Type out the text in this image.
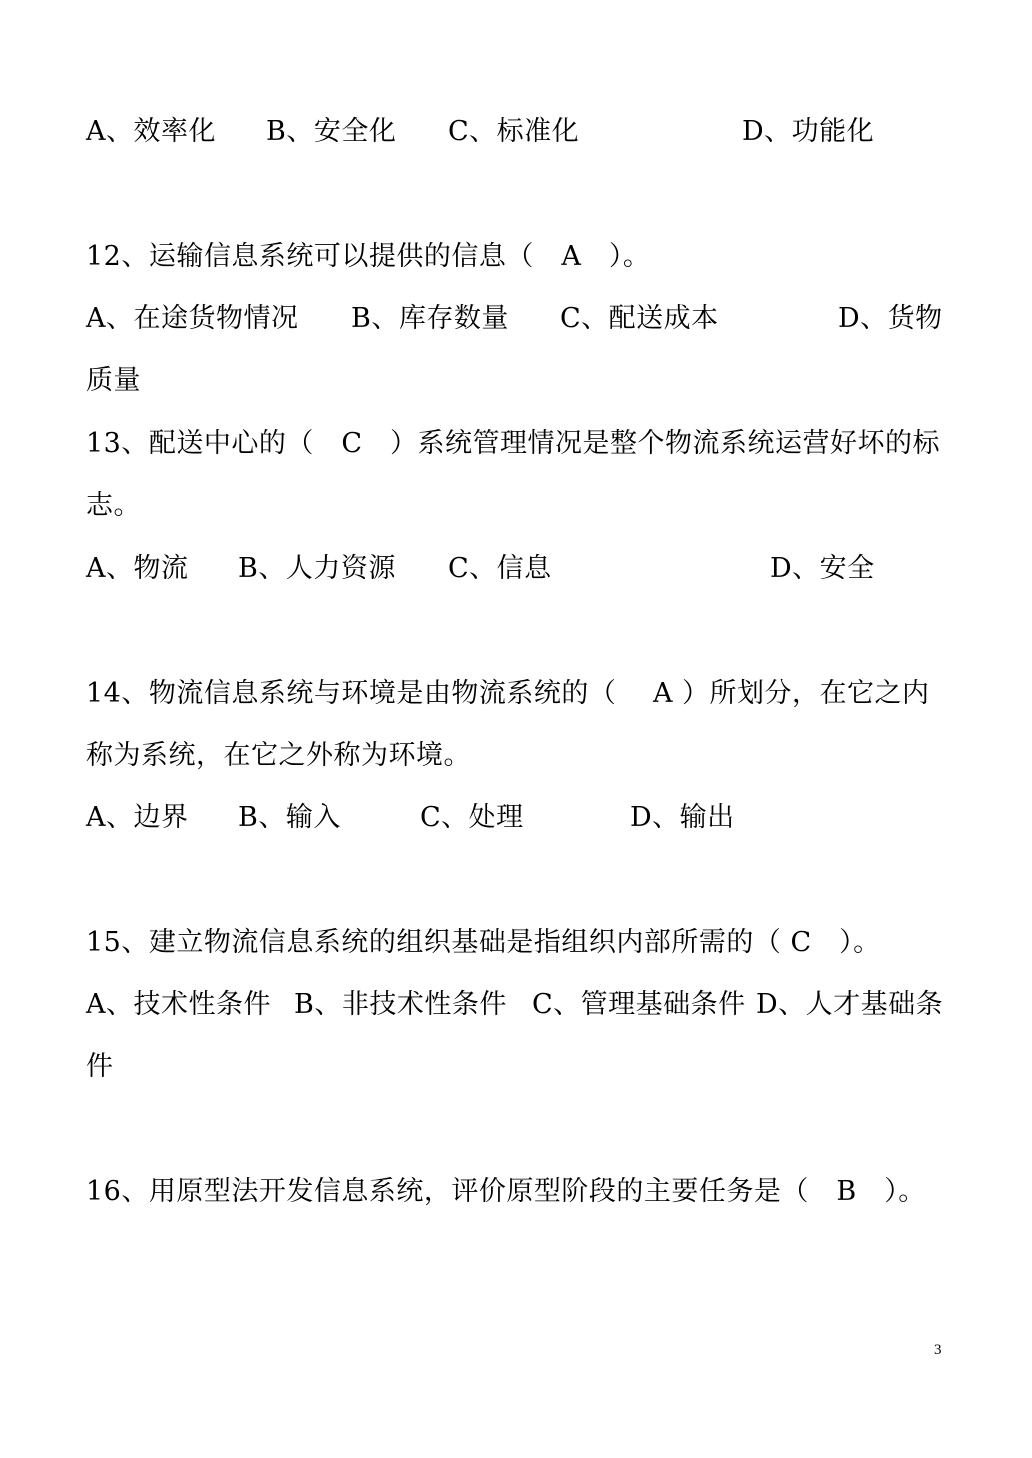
A、效率化 B、安全化 C、标准化	D、功能化
12、运输信息系统可以提供的信息（　A　）。
A、在途货物情况 B、库存数量 C、配送成本	D、货物
质量
13、配送中心的（　C　）系统管理情况是整个物流系统运营好坏的标
志。
A、物流 B、人力资源 C、信息	D、安全
14、物流信息系统与环境是由物流系统的（　 A ）所划分，在它之内
称为系统，在它之外称为环境。
A、边界 B、输入	C、处理	D、输出
15、建立物流信息系统的组织基础是指组织内部所需的（ C　）。
A、技术性条件 B、非技术性条件 C、管理基础条件 D、人才基础条
件
16、用原型法开发信息系统，评价原型阶段的主要任务是（　B　）。
3
